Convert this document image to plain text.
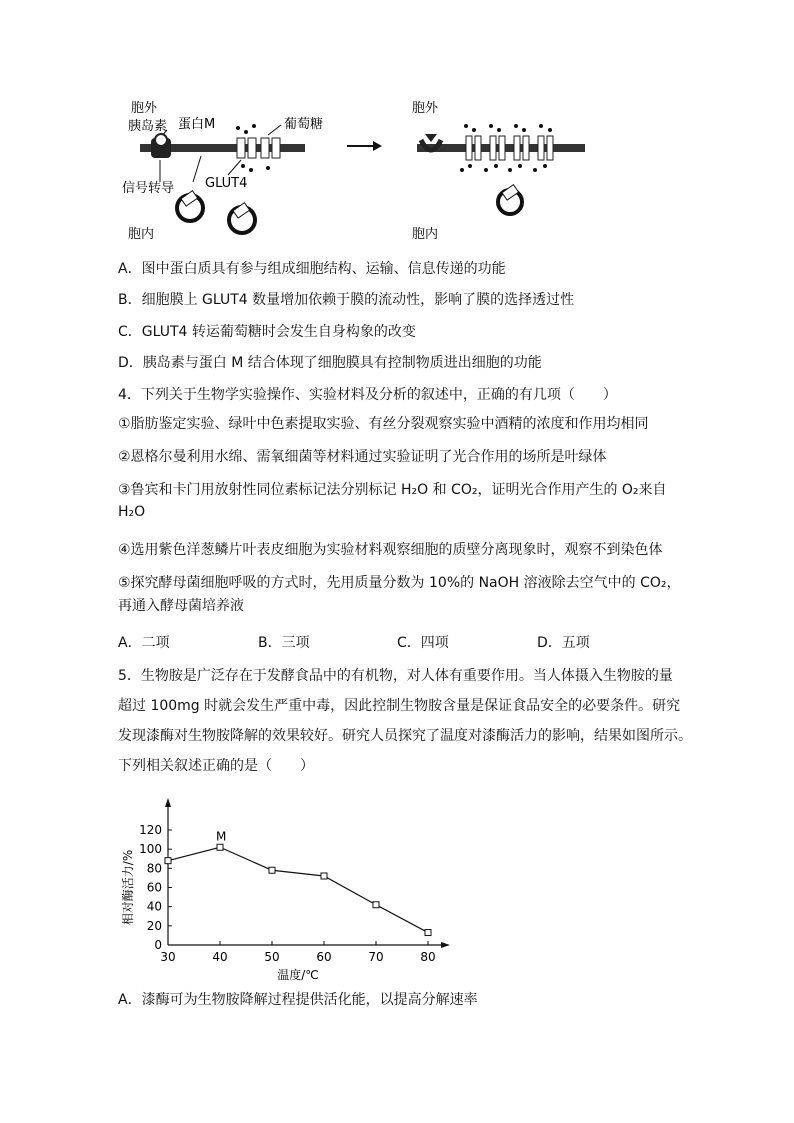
胞外
胰岛素 蛋白M	葡萄糖
信号转导 GLUT4
胞内
胞外
胞内
A．图中蛋白质具有参与组成细胞结构、运输、信息传递的功能
B．细胞膜上 GLUT4 数量增加依赖于膜的流动性，影响了膜的选择透过性
C．GLUT4 转运葡萄糖时会发生自身构象的改变
D．胰岛素与蛋白 M 结合体现了细胞膜具有控制物质进出细胞的功能
4．下列关于生物学实验操作、实验材料及分析的叙述中，正确的有几项（　　）
①脂肪鉴定实验、绿叶中色素提取实验、有丝分裂观察实验中酒精的浓度和作用均相同
②恩格尔曼利用水绵、需氧细菌等材料通过实验证明了光合作用的场所是叶绿体
③鲁宾和卡门用放射性同位素标记法分别标记 H₂O 和 CO₂，证明光合作用产生的 O₂来自
H₂O
④选用紫色洋葱鳞片叶表皮细胞为实验材料观察细胞的质壁分离现象时，观察不到染色体
⑤探究酵母菌细胞呼吸的方式时，先用质量分数为 10%的 NaOH 溶液除去空气中的 CO₂，
再通入酵母菌培养液
A．二项	B．三项	C．四项	D．五项
5．生物胺是广泛存在于发酵食品中的有机物，对人体有重要作用。当人体摄入生物胺的量
超过 100mg 时就会发生严重中毒，因此控制生物胺含量是保证食品安全的必要条件。研究
发现漆酶对生物胺降解的效果较好。研究人员探究了温度对漆酶活力的影响，结果如图所示。
下列相关叙述正确的是（　　）
0
20
40
60
80
100
120
30	40	50	60	70	80
M
温度/℃
相对酶活力/%
A．漆酶可为生物胺降解过程提供活化能，以提高分解速率
